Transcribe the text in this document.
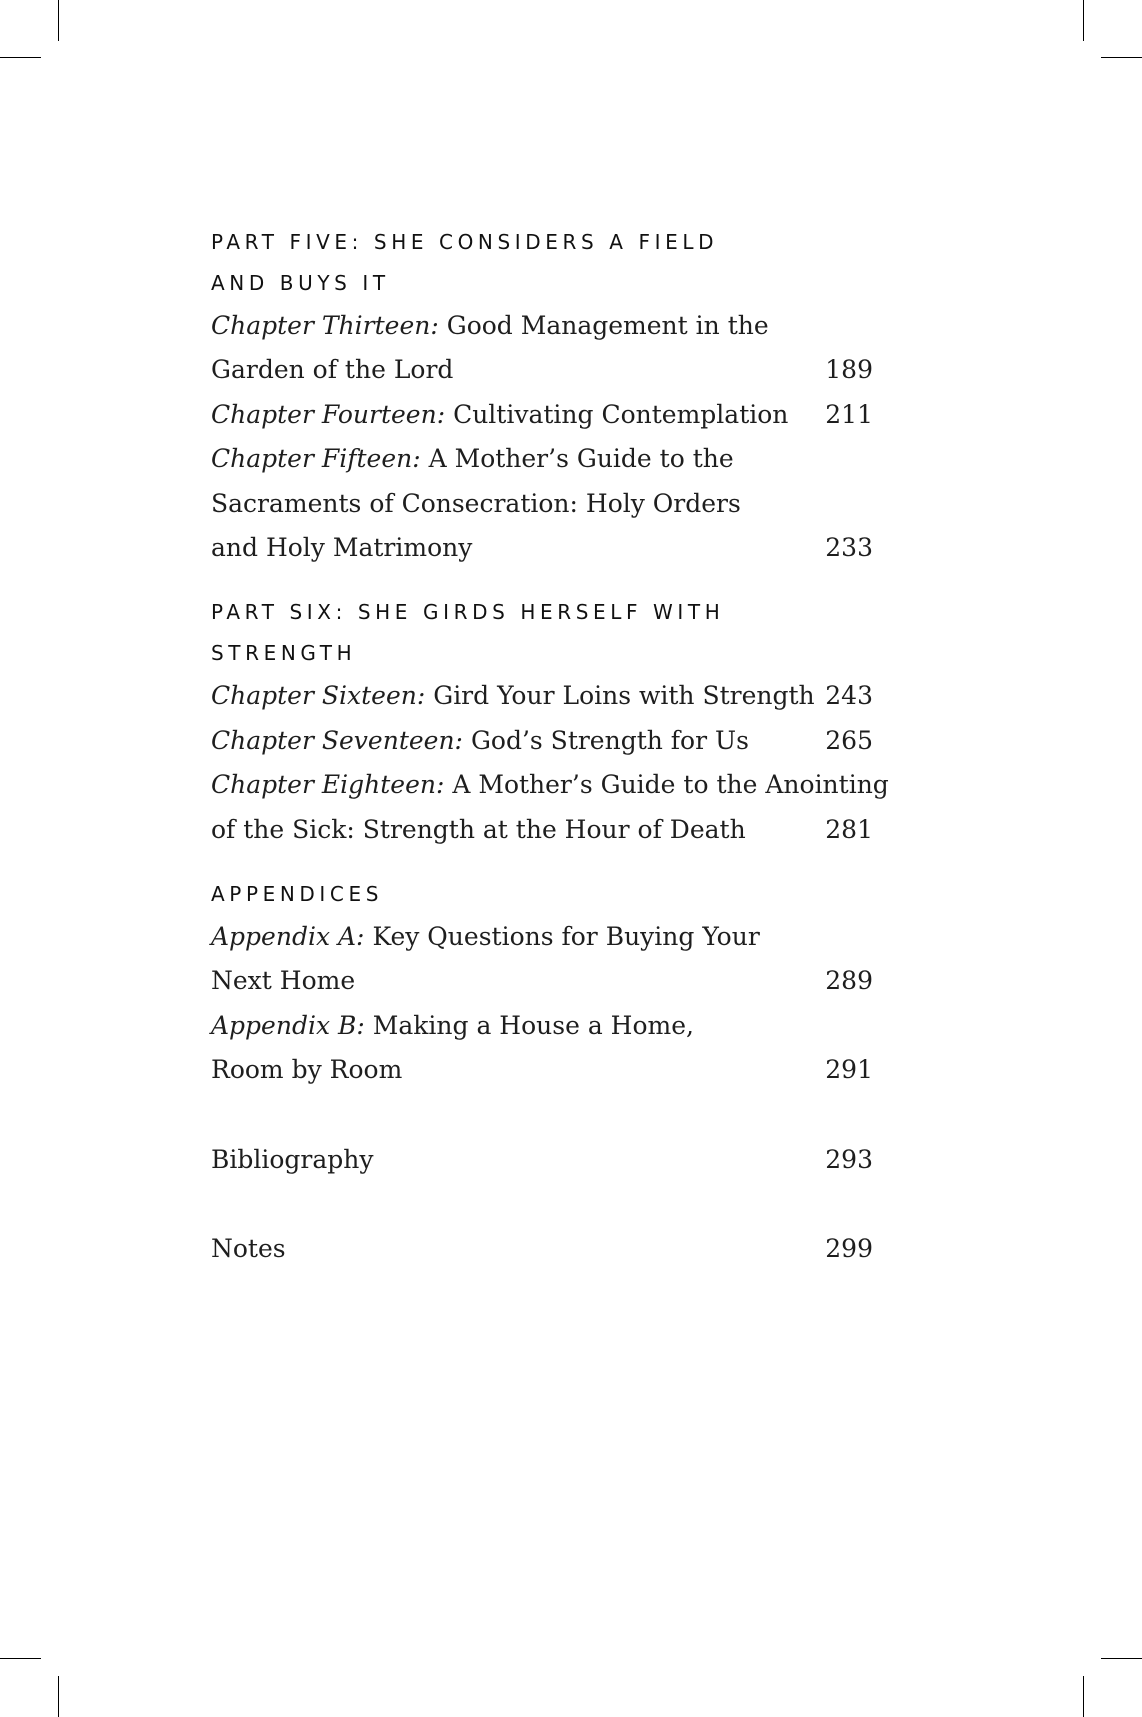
PART FIVE: SHE CONSIDERS A FIELD
AND BUYS IT
Chapter Thirteen: Good Management in the
Garden of the Lord	189
Chapter Fourteen: Cultivating Contemplation	211
Chapter Fifteen: A Mother’s Guide to the
Sacraments of Consecration: Holy Orders
and Holy Matrimony	233
PART SIX: SHE GIRDS HERSELF WITH
STRENGTH
Chapter Sixteen: Gird Your Loins with Strength 243
Chapter Seventeen: God’s Strength for Us	265
Chapter Eighteen: A Mother’s Guide to the Anointing
of the Sick: Strength at the Hour of Death	281
APPENDICES
Appendix A: Key Questions for Buying Your
Next Home	289
Appendix B: Making a House a Home,
Room by Room	291
Bibliography	293
Notes	299
